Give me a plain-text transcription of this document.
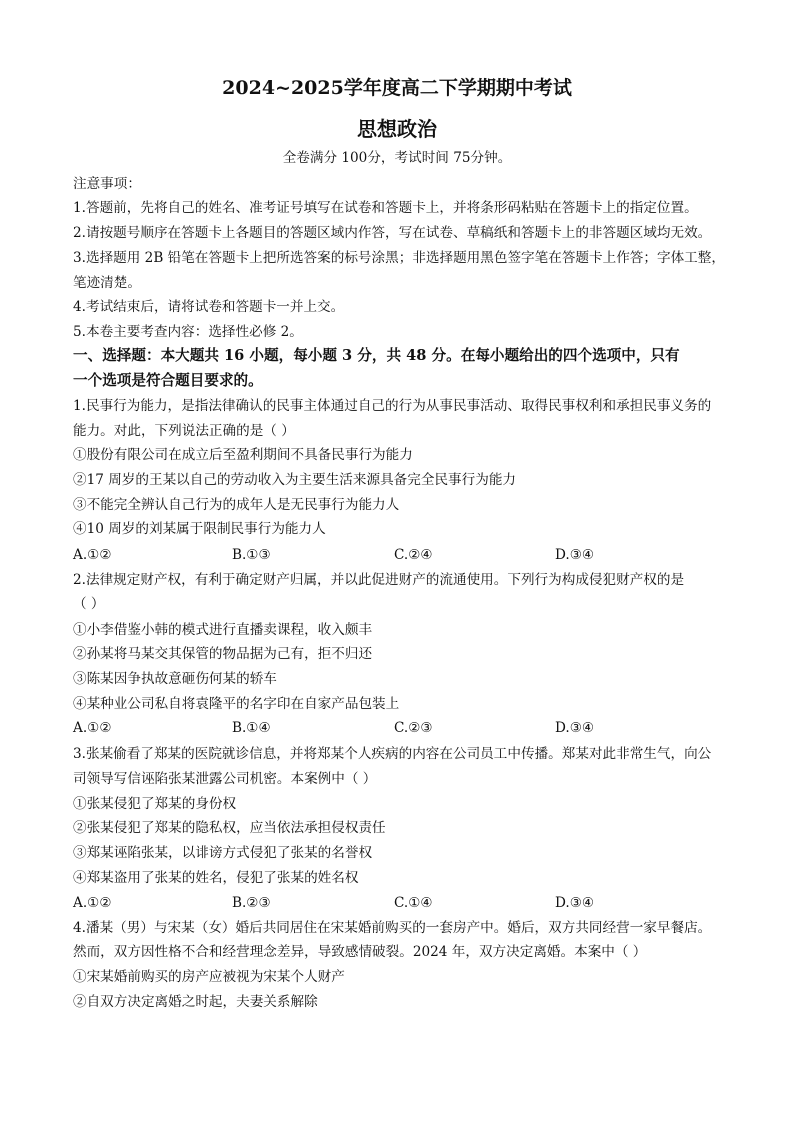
2024~2025学年度高二下学期期中考试
思想政治
全卷满分 100分，考试时间 75分钟。
注意事项：
1.答题前，先将自己的姓名、准考证号填写在试卷和答题卡上，并将条形码粘贴在答题卡上的指定位置。
2.请按题号顺序在答题卡上各题目的答题区域内作答，写在试卷、草稿纸和答题卡上的非答题区域均无效。
3.选择题用 2B 铅笔在答题卡上把所选答案的标号涂黑；非选择题用黑色签字笔在答题卡上作答；字体工整，
笔迹清楚。
4.考试结束后，请将试卷和答题卡一并上交。
5.本卷主要考查内容：选择性必修 2。
一、选择题：本大题共 16 小题，每小题 3 分，共 48 分。在每小题给出的四个选项中，只有
一个选项是符合题目要求的。
1.民事行为能力，是指法律确认的民事主体通过自己的行为从事民事活动、取得民事权利和承担民事义务的
能力。对此，下列说法正确的是（ ）
①股份有限公司在成立后至盈利期间不具备民事行为能力
②17 周岁的王某以自己的劳动收入为主要生活来源具备完全民事行为能力
③不能完全辨认自己行为的成年人是无民事行为能力人
④10 周岁的刘某属于限制民事行为能力人
A.①②	B.①③	C.②④	D.③④
2.法律规定财产权，有利于确定财产归属，并以此促进财产的流通使用。下列行为构成侵犯财产权的是
（ ）
①小李借鉴小韩的模式进行直播卖课程，收入颇丰
②孙某将马某交其保管的物品据为己有，拒不归还
③陈某因争执故意砸伤何某的轿车
④某种业公司私自将袁隆平的名字印在自家产品包装上
A.①②	B.①④	C.②③	D.③④
3.张某偷看了郑某的医院就诊信息，并将郑某个人疾病的内容在公司员工中传播。郑某对此非常生气，向公
司领导写信诬陷张某泄露公司机密。本案例中（ ）
①张某侵犯了郑某的身份权
②张某侵犯了郑某的隐私权，应当依法承担侵权责任
③郑某诬陷张某，以诽谤方式侵犯了张某的名誉权
④郑某盗用了张某的姓名，侵犯了张某的姓名权
A.①②	B.②③	C.①④	D.③④
4.潘某（男）与宋某（女）婚后共同居住在宋某婚前购买的一套房产中。婚后，双方共同经营一家早餐店。
然而，双方因性格不合和经营理念差异，导致感情破裂。2024 年，双方决定离婚。本案中（ ）
①宋某婚前购买的房产应被视为宋某个人财产
②自双方决定离婚之时起，夫妻关系解除
